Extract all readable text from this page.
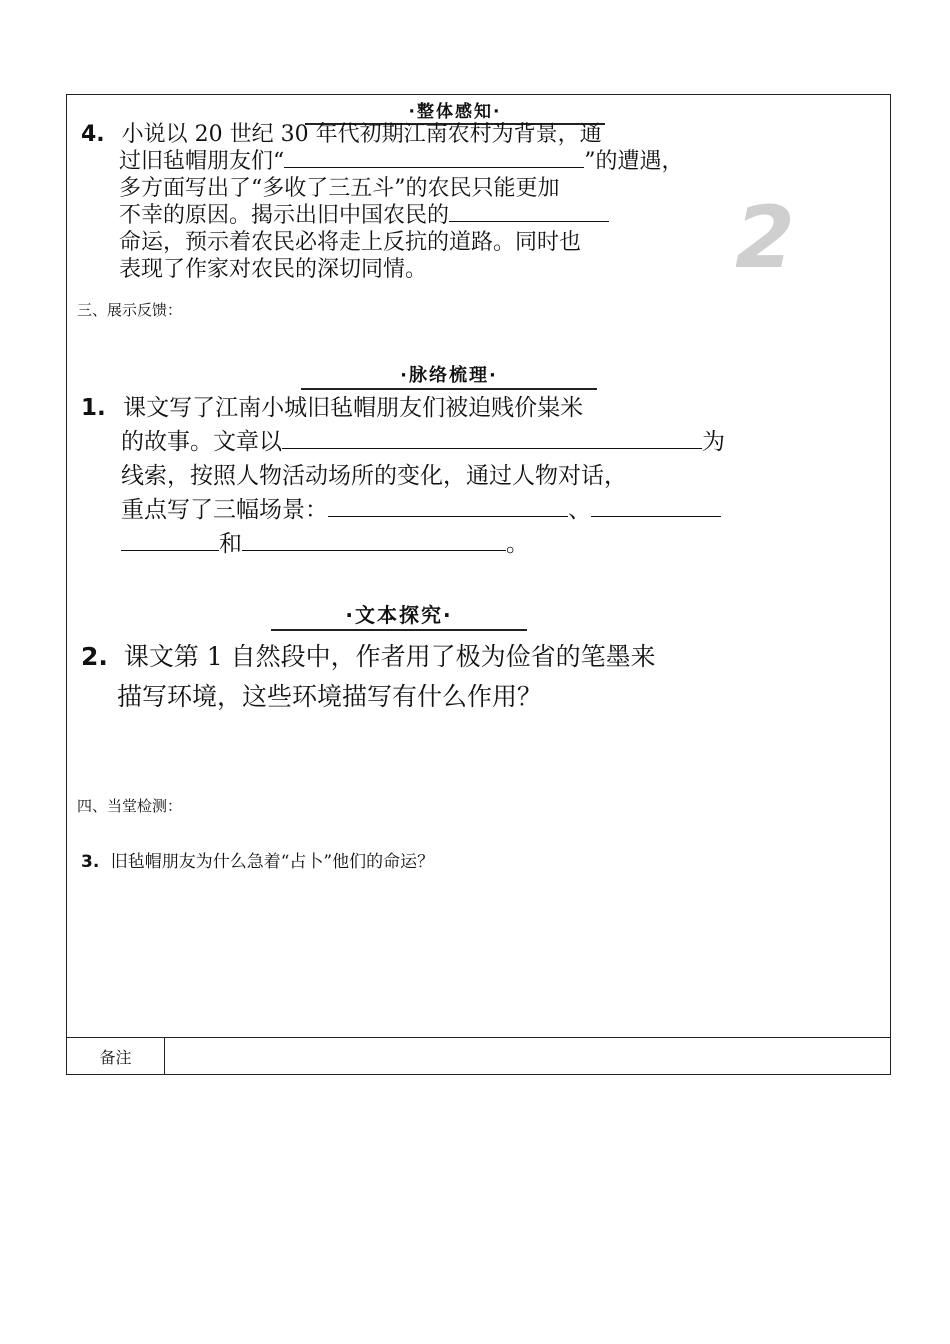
·整体感知·
4. 小说以 20 世纪 30 年代初期江南农村为背景，通
过旧毡帽朋友们“	”的遭遇，
多方面写出了“多收了三五斗”的农民只能更加
不幸的原因。揭示出旧中国农民的
命运，预示着农民必将走上反抗的道路。同时也
表现了作家对农民的深切同情。	2
三、展示反馈：
·脉络梳理·
1. 课文写了江南小城旧毡帽朋友们被迫贱价粜米
的故事。文章以	为
线索，按照人物活动场所的变化，通过人物对话，
重点写了三幅场景：	、
和	。
·文本探究·
2. 课文第 1 自然段中，作者用了极为俭省的笔墨来
描写环境，这些环境描写有什么作用？
四、当堂检测：
3. 旧毡帽朋友为什么急着“占卜”他们的命运？
备注
